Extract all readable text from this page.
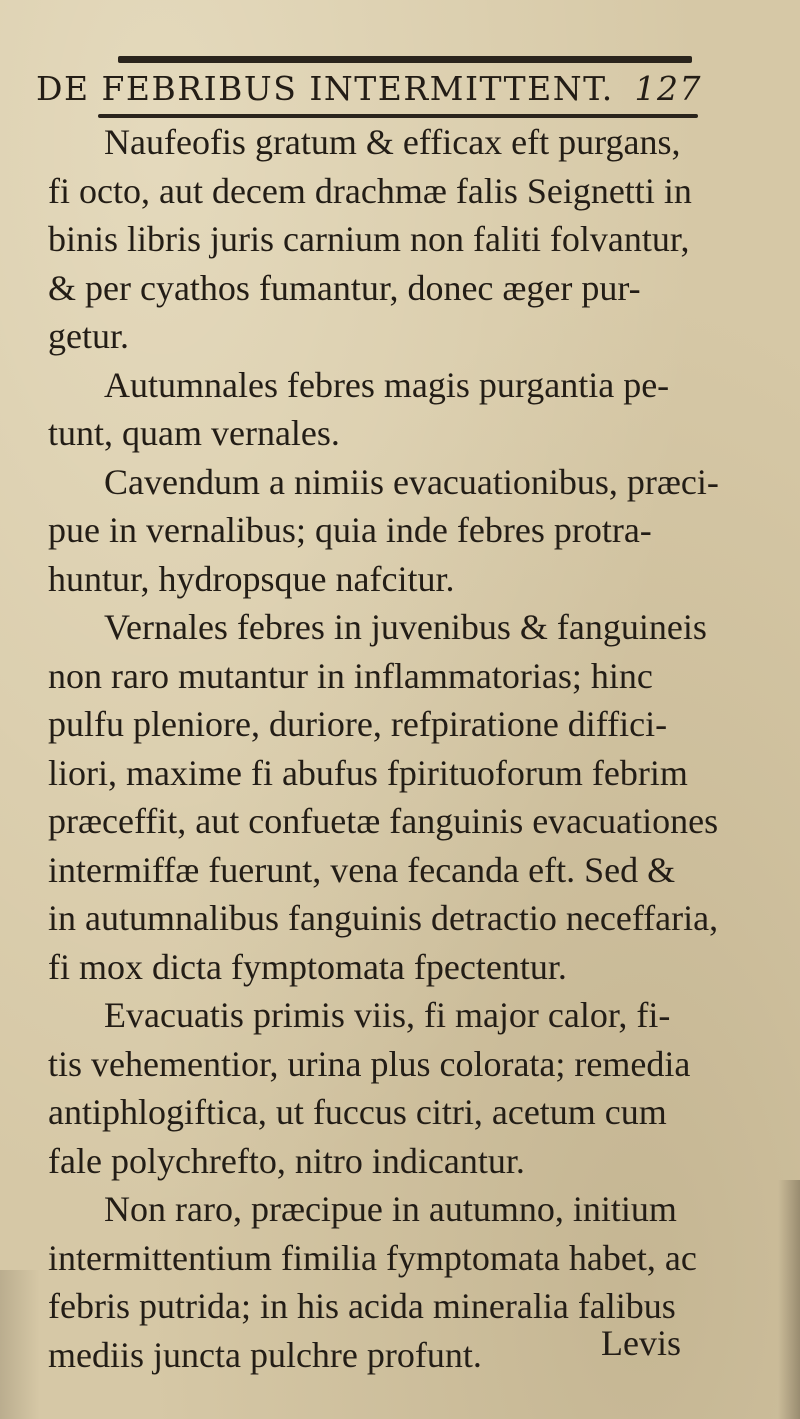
DE FEBRIBUS INTERMITTENT. 127
Naufeofis gratum & efficax eft purgans,
fi octo, aut decem drachmæ falis Seignetti in
binis libris juris carnium non faliti folvantur,
& per cyathos fumantur, donec æger pur-
getur.
Autumnales febres magis purgantia pe-
tunt, quam vernales.
Cavendum a nimiis evacuationibus, præci-
pue in vernalibus; quia inde febres protra-
huntur, hydropsque nafcitur.
Vernales febres in juvenibus & fanguineis
non raro mutantur in inflammatorias; hinc
pulfu pleniore, duriore, refpiratione diffici-
liori, maxime fi abufus fpirituoforum febrim
præceffit, aut confuetæ fanguinis evacuationes
intermiffæ fuerunt, vena fecanda eft. Sed &
in autumnalibus fanguinis detractio neceffaria,
fi mox dicta fymptomata fpectentur.
Evacuatis primis viis, fi major calor, fi-
tis vehementior, urina plus colorata; remedia
antiphlogiftica, ut fuccus citri, acetum cum
fale polychrefto, nitro indicantur.
Non raro, præcipue in autumno, initium
intermittentium fimilia fymptomata habet, ac
febris putrida; in his acida mineralia falibus
mediis juncta pulchre profunt.	Levis
